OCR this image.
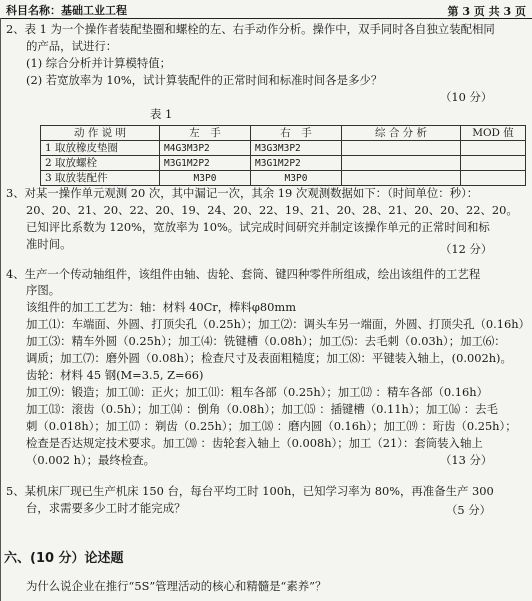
科目名称：基础工业工程	第 3 页 共 3 页
2、表 1 为一个操作者装配垫圈和螺栓的左、右手动作分析。操作中，双手同时各自独立装配相同
的产品，试进行：
(1) 综合分析并计算模特值；
(2) 若宽放率为 10%，试计算装配件的正常时间和标准时间各是多少？
（10 分）
表 1
动 作 说 明	左　手	右　手	综 合 分 析	MOD 值
1 取放橡皮垫圈	M4G3M3P2	M3G3M3P2		
2 取放螺栓	M3G1M2P2	M3G1M2P2		
3 取放装配件	M3P0	M3P0		
3、对某一操作单元观测 20 次，其中漏记一次，其余 19 次观测数据如下：（时间单位：秒）：
20、20、21、20、22、20、19、24、20、22、19、21、20、28、21、20、20、22、20。
已知评比系数为 120%，宽放率为 10%。试完成时间研究并制定该操作单元的正常时间和标
准时间。	（12 分）
4、生产一个传动轴组件，该组件由轴、齿轮、套筒、键四种零件所组成，绘出该组件的工艺程
序图。
该组件的加工工艺为：轴：材料 40Cr，棒料φ80mm
加工⑴：车端面、外圆、打顶尖孔（0.25h）；加工⑵：调头车另一端面，外圆、打顶尖孔（0.16h）
加工⑶：精车外圆（0.25h）；加工⑷：铣键槽（0.08h）；加工⑸：去毛刺（0.03h）；加工⑹：
调质；加工⑺：磨外圆（0.08h）；检查尺寸及表面粗糙度；加工⑻：平键装入轴上，(0.002h)。
齿轮：材料 45 钢(M=3.5, Z=66)
加工⑼：锻造；加工⑽：正火；加工⑾：粗车各部（0.25h）；加工⑿ ：精车各部（0.16h）
加工⒀：滚齿（0.5h）；加工⒁ ：倒角（0.08h）；加工⒂ ：插键槽（0.11h）；加工⒃ ：去毛
刺（0.018h）；加工⒄ ：剃齿（0.25h）；加工⒅ ：磨内圆（0.16h）；加工⒆ ：珩齿（0.25h）；
检查是否达规定技术要求。加工⒇ ：齿轮套入轴上（0.008h）；加工（21）：套筒装入轴上
（0.002 h）；最终检查。	（13 分）
5、某机床厂现已生产机床 150 台，每台平均工时 100h，已知学习率为 80%，再准备生产 300
台，求需要多少工时才能完成？	（5 分）
六、(10 分）论述题
为什么说企业在推行“5S”管理活动的核心和精髓是“素养”？
